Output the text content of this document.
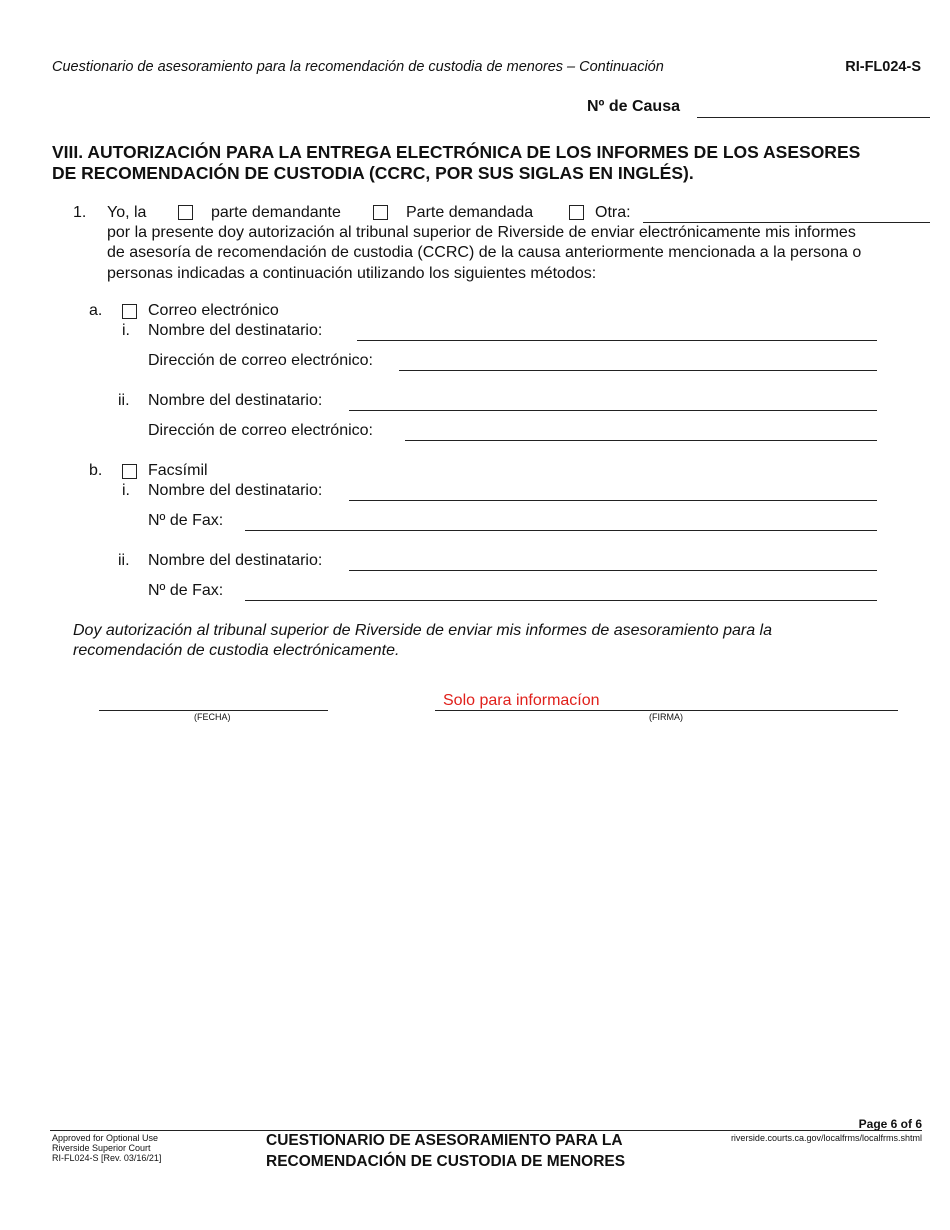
Cuestionario de asesoramiento para la recomendación de custodia de menores – Continuación	RI-FL024-S
Nº de Causa
VIII. AUTORIZACIÓN PARA LA ENTREGA ELECTRÓNICA DE LOS INFORMES DE LOS ASESORES
DE RECOMENDACIÓN DE CUSTODIA (CCRC, POR SUS SIGLAS EN INGLÉS).
1. Yo, la	parte demandante	Parte demandada	Otra:
por la presente doy autorización al tribunal superior de Riverside de enviar electrónicamente mis informes
de asesoría de recomendación de custodia (CCRC) de la causa anteriormente mencionada a la persona o
personas indicadas a continuación utilizando los siguientes métodos:
a.	Correo electrónico
i. Nombre del destinatario:
Dirección de correo electrónico:
ii. Nombre del destinatario:
Dirección de correo electrónico:
b.	Facsímil
i. Nombre del destinatario:
Nº de Fax:
ii. Nombre del destinatario:
Nº de Fax:
Doy autorización al tribunal superior de Riverside de enviar mis informes de asesoramiento para la
recomendación de custodia electrónicamente.
(FECHA)
Solo para informacíon
(FIRMA)
Page 6 of 6
Approved for Optional Use
Riverside Superior Court
RI-FL024-S [Rev. 03/16/21]
CUESTIONARIO DE ASESORAMIENTO PARA LA
RECOMENDACIÓN DE CUSTODIA DE MENORES
riverside.courts.ca.gov/localfrms/localfrms.shtml
